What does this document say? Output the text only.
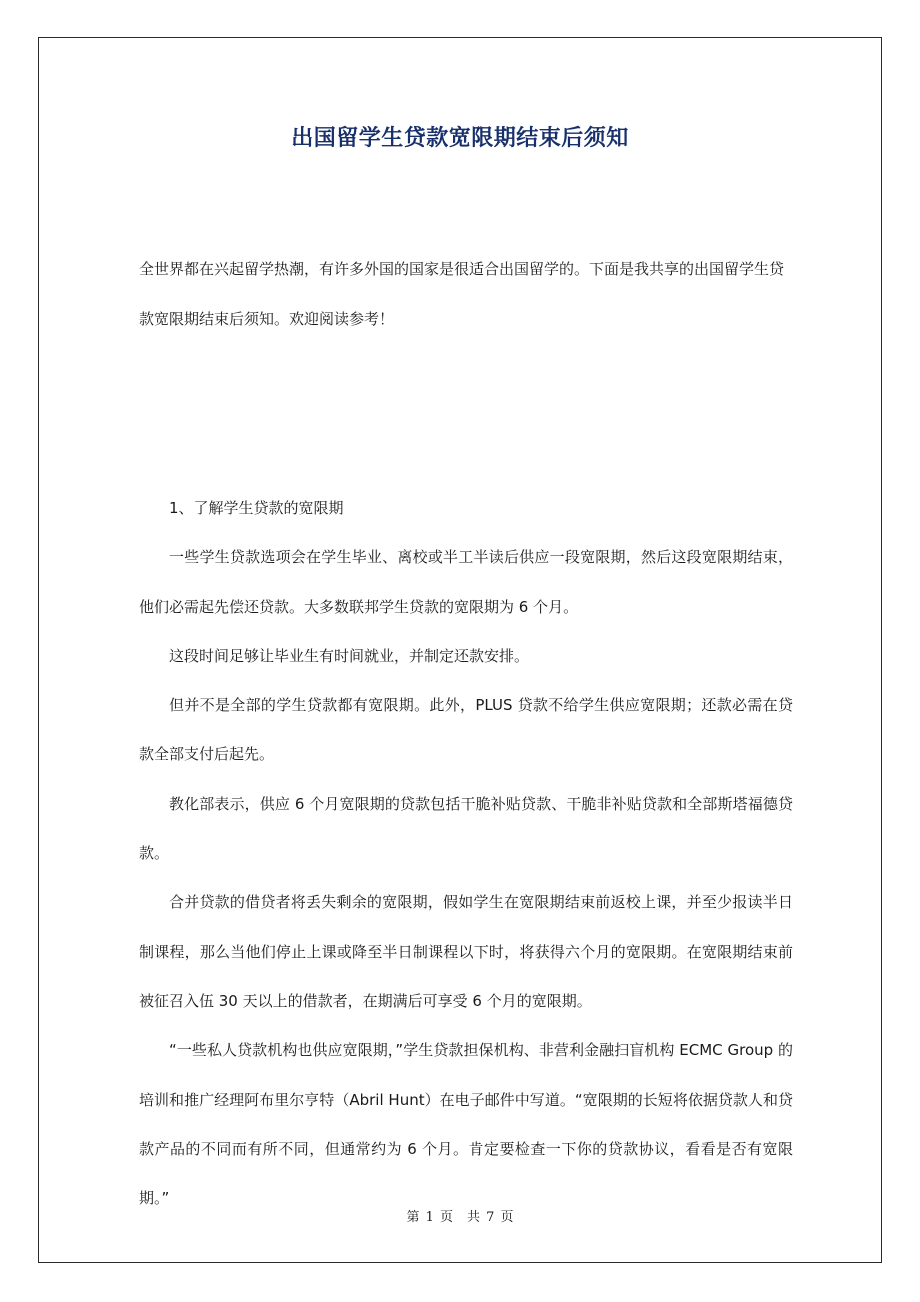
出国留学生贷款宽限期结束后须知

全世界都在兴起留学热潮，有许多外国的国家是很适合出国留学的。下面是我共享的出国留学生贷款宽限期结束后须知。欢迎阅读参考！

1、了解学生贷款的宽限期

一些学生贷款选项会在学生毕业、离校或半工半读后供应一段宽限期，然后这段宽限期结束，他们必需起先偿还贷款。大多数联邦学生贷款的宽限期为 6 个月。

这段时间足够让毕业生有时间就业，并制定还款安排。

但并不是全部的学生贷款都有宽限期。此外，PLUS 贷款不给学生供应宽限期；还款必需在贷款全部支付后起先。

教化部表示，供应 6 个月宽限期的贷款包括干脆补贴贷款、干脆非补贴贷款和全部斯塔福德贷款。

合并贷款的借贷者将丢失剩余的宽限期，假如学生在宽限期结束前返校上课，并至少报读半日制课程，那么当他们停止上课或降至半日制课程以下时，将获得六个月的宽限期。在宽限期结束前被征召入伍 30 天以上的借款者，在期满后可享受 6 个月的宽限期。

“一些私人贷款机构也供应宽限期，”学生贷款担保机构、非营利金融扫盲机构 ECMC Group 的培训和推广经理阿布里尔亨特（Abril Hunt）在电子邮件中写道。“宽限期的长短将依据贷款人和贷款产品的不同而有所不同，但通常约为 6 个月。肯定要检查一下你的贷款协议，看看是否有宽限期。”

第 1 页 共 7 页
